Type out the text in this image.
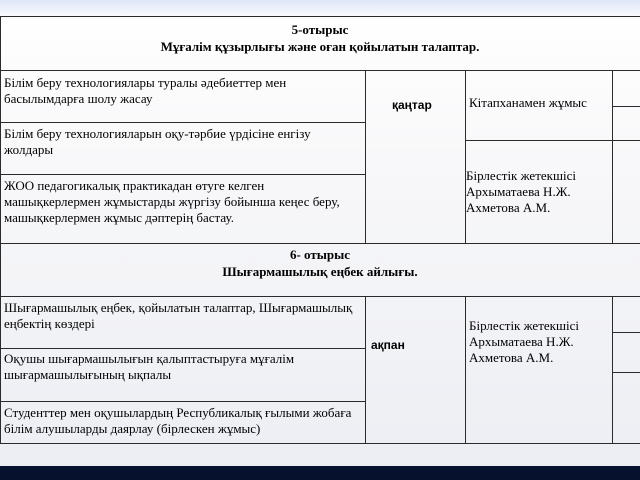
5-отырыс
Мұғалім құзырлығы және оған қойылатын талаптар.
Білім беру технологиялары туралы әдебиеттер мен басылымдарға шолу жасау
Білім беру технологияларын оқу-тәрбие үрдісіне енгізу жолдары
ЖОО педагогикалық практикадан өтуге келген машықкерлермен жұмыстарды жүргізу бойынша кеңес беру, машықкерлермен жұмыс дәптерің бастау.
қаңтар	Кітапханамен жұмыс
Бірлестік жетекшісі Архыматаева Н.Ж. Ахметова А.М.
6- отырыс
Шығармашылық еңбек айлығы.
Шығармашылық еңбек, қойылатын талаптар, Шығармашылық еңбектің көздері
Оқушы шығармашылығын қалыптастыруға мұғалім шығармашылығының ықпалы
Студенттер мен оқушылардың Республикалық ғылыми жобаға білім алушыларды даярлау (бірлескен жұмыс)
ақпан
Бірлестік жетекшісі Архыматаева Н.Ж. Ахметова А.М.
